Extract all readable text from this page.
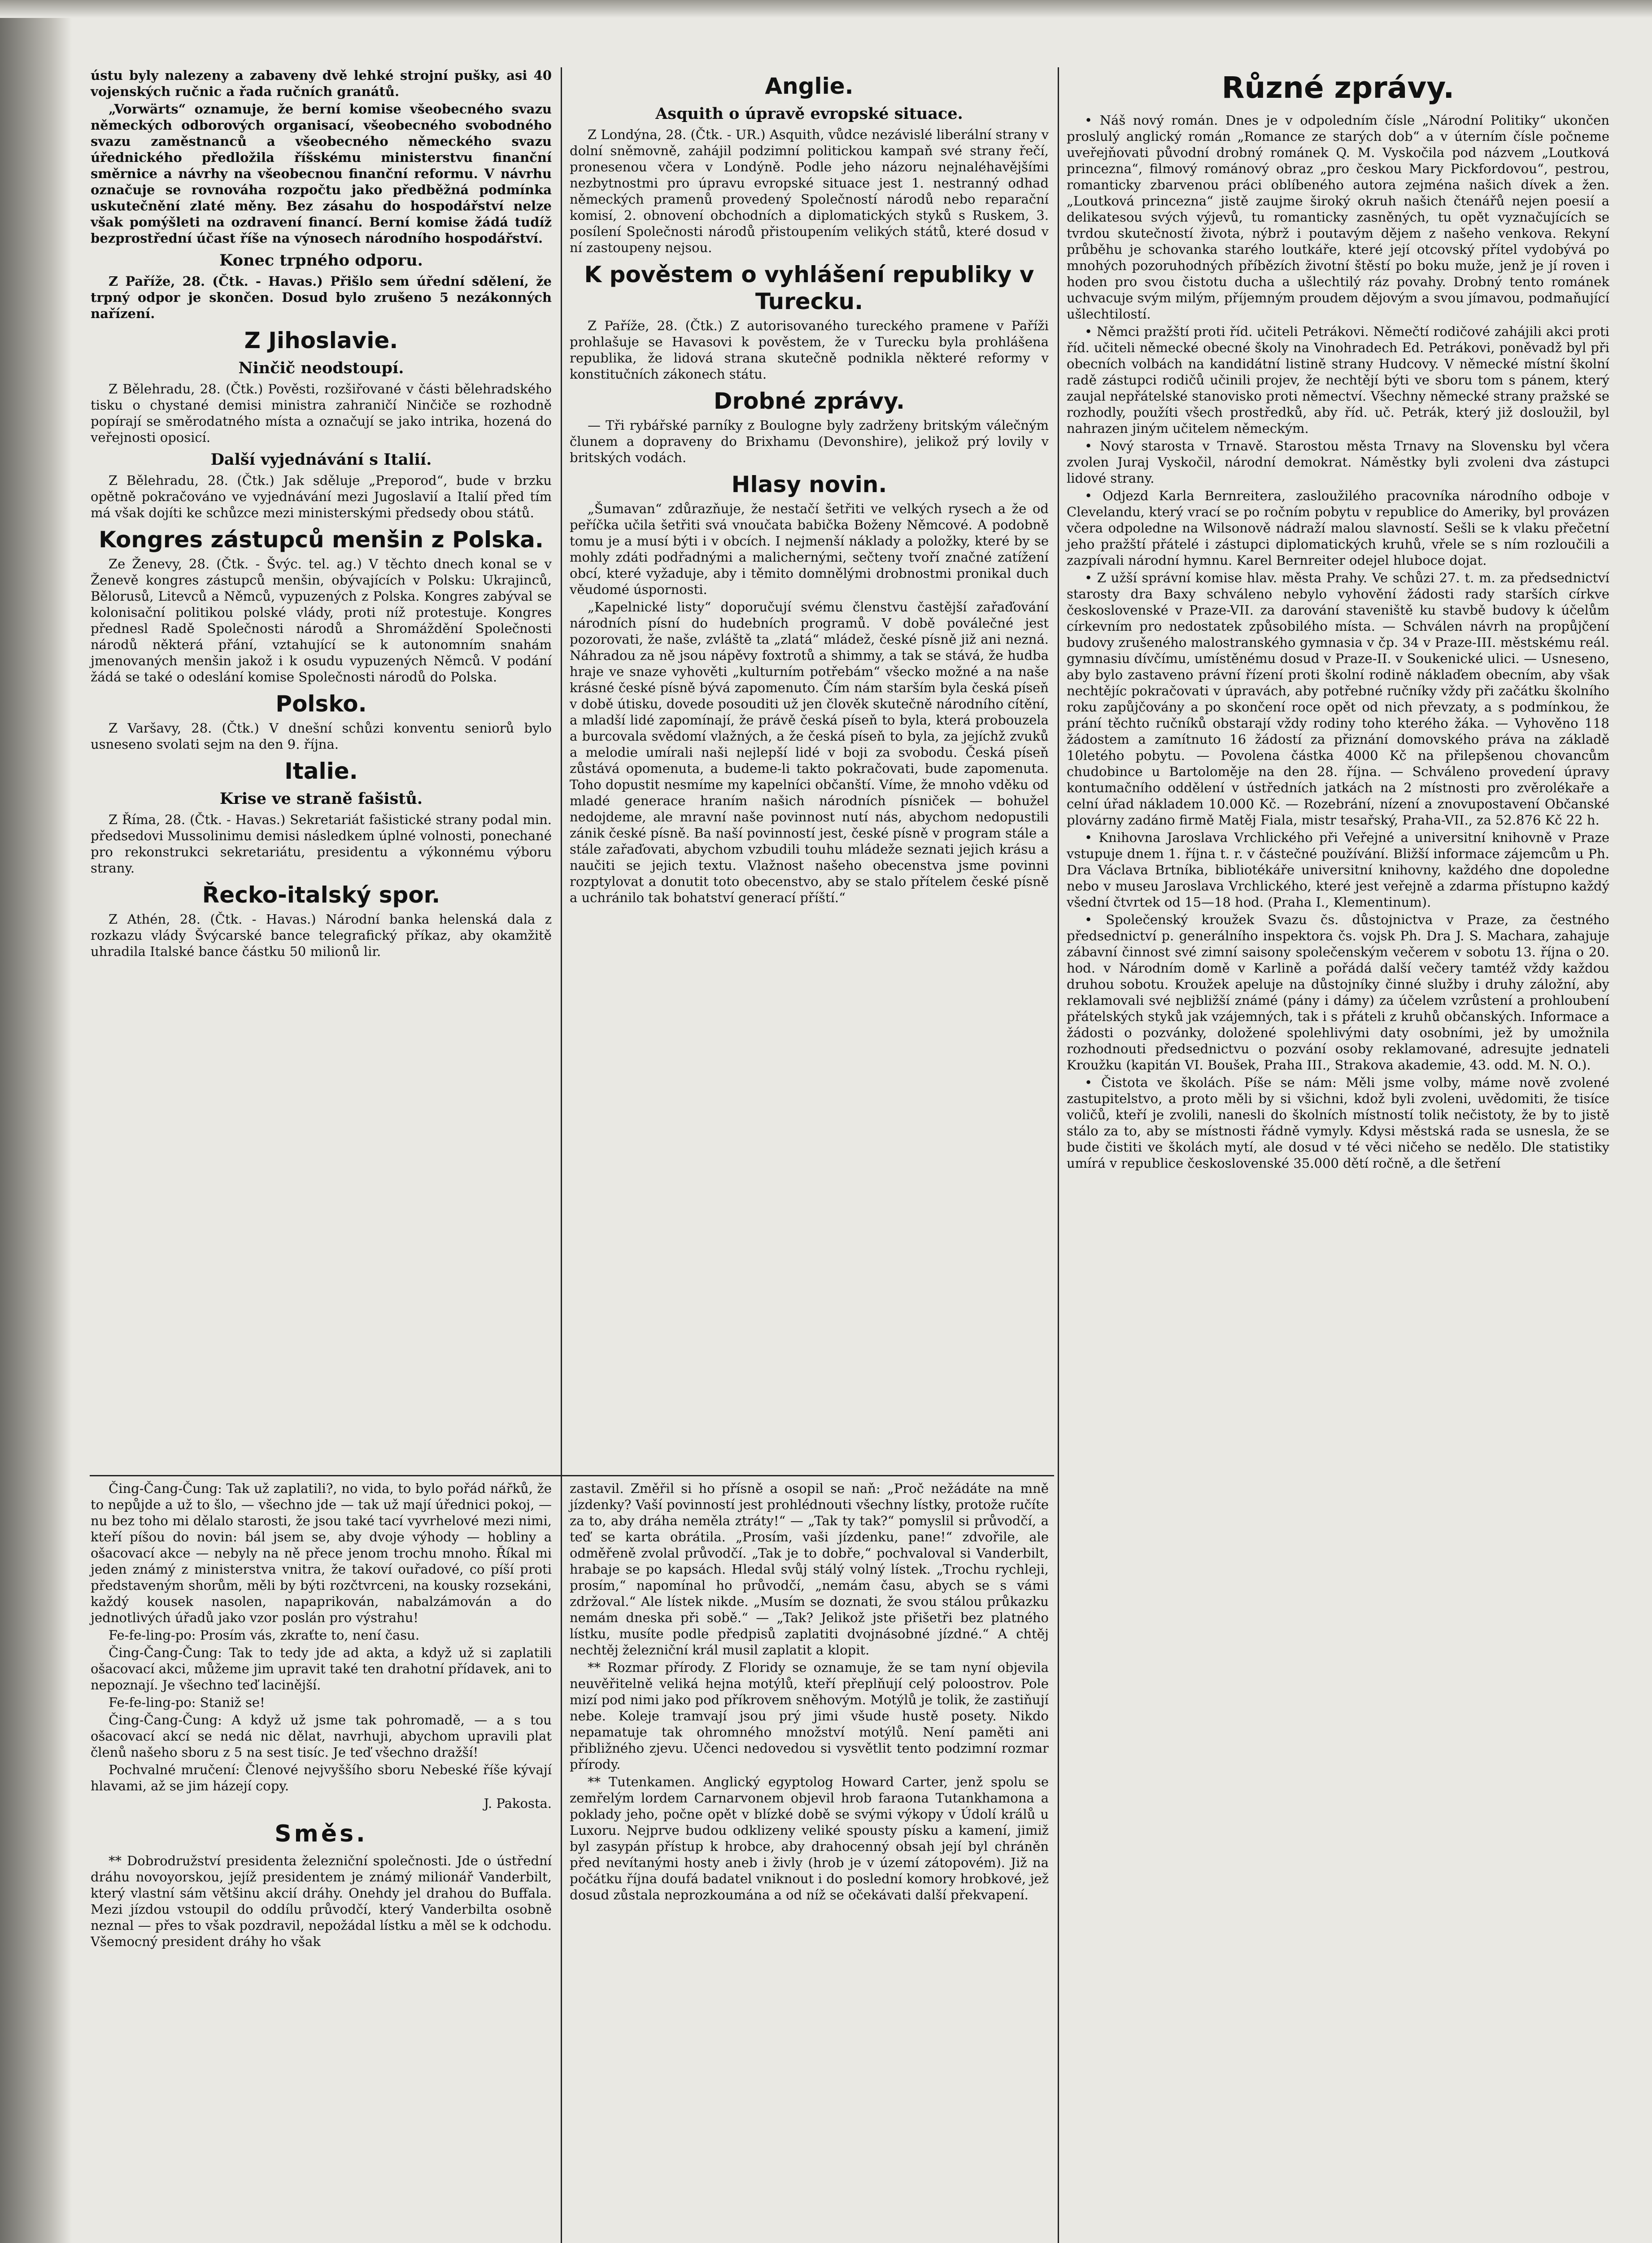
ústu byly nalezeny a zabaveny dvě lehké strojní pušky, asi 40 vojenských ručnic a řada ručních granátů.

„Vorwärts“ oznamuje, že berní komise všeobecného svazu německých odborových organisací, všeobecného svobodného svazu zaměstnanců a všeobecného německého svazu úřednického předložila říšskému ministerstvu finanční směrnice a návrhy na všeobecnou finanční reformu. V návrhu označuje se rovnováha rozpočtu jako předběžná podmínka uskutečnění zlaté měny. Bez zásahu do hospodářství nelze však pomýšleti na ozdravení financí. Berní komise žádá tudíž bezprostřední účast říše na výnosech národního hospodářství.

Konec trpného odporu.

Z Paříže, 28. (Čtk. - Havas.) Přišlo sem úřední sdělení, že trpný odpor je skončen. Dosud bylo zrušeno 5 nezákonných nařízení.

Z Jihoslavie.
Ninčič neodstoupí.

Z Bělehradu, 28. (Čtk.) Pověsti, rozšiřované v části bělehradského tisku o chystané demisi ministra zahraničí Ninčiče se rozhodně popírají se směrodatného místa a označují se jako intrika, hozená do veřejnosti oposicí.

Další vyjednávání s Italií.

Z Bělehradu, 28. (Čtk.) Jak sděluje „Preporod“, bude v brzku opětně pokračováno ve vyjednávání mezi Jugoslavií a Italií před tím má však dojíti ke schůzce mezi ministerskými předsedy obou států.

Kongres zástupců menšin z Polska.

Ze Ženevy, 28. (Čtk. - Švýc. tel. ag.) V těchto dnech konal se v Ženevě kongres zástupců menšin, obývajících v Polsku: Ukrajinců, Bělorusů, Litevců a Němců, vypuzených z Polska. Kongres zabýval se kolonisační politikou polské vlády, proti níž protestuje. Kongres přednesl Radě Společnosti národů a Shromáždění Společnosti národů některá přání, vztahující se k autonomním snahám jmenovaných menšin jakož i k osudu vypuzených Němců. V podání žádá se také o odeslání komise Společnosti národů do Polska.

Polsko.

Z Varšavy, 28. (Čtk.) V dnešní schůzi konventu seniorů bylo usneseno svolati sejm na den 9. října.

Italie.
Krise ve straně fašistů.

Z Říma, 28. (Čtk. - Havas.) Sekretariát fašistické strany podal min. předsedovi Mussolinimu demisi následkem úplné volnosti, ponechané pro rekonstrukci sekretariátu, presidentu a výkonnému výboru strany.

Řecko-italský spor.

Z Athén, 28. (Čtk. - Havas.) Národní banka helenská dala z rozkazu vlády Švýcarské bance telegrafický příkaz, aby okamžitě uhradila Italské bance částku 50 milionů lir.

Anglie.
Asquith o úpravě evropské situace.

Z Londýna, 28. (Čtk. - UR.) Asquith, vůdce nezávislé liberální strany v dolní sněmovně, zahájil podzimní politickou kampaň své strany řečí, pronesenou včera v Londýně. Podle jeho názoru nejnaléhavějšími nezbytnostmi pro úpravu evropské situace jest 1. nestranný odhad německých pramenů provedený Společností národů nebo reparační komisí, 2. obnovení obchodních a diplomatických styků s Ruskem, 3. posílení Společnosti národů přistoupením velikých států, které dosud v ní zastoupeny nejsou.

K pověstem o vyhlášení republiky v Turecku.

Z Paříže, 28. (Čtk.) Z autorisovaného tureckého pramene v Paříži prohlašuje se Havasovi k pověstem, že v Turecku byla prohlášena republika, že lidová strana skutečně podnikla některé reformy v konstitučních zákonech státu.

Drobné zprávy.

— Tři rybářské parníky z Boulogne byly zadrženy britským válečným člunem a dopraveny do Brixhamu (Devonshire), jelikož prý lovily v britských vodách.

Hlasy novin.

„Šumavan“ zdůrazňuje, že nestačí šetřiti ve velkých rysech a že od peříčka učila šetřiti svá vnoučata babička Boženy Němcové. A podobně tomu je a musí býti i v obcích. I nejmenší náklady a položky, které by se mohly zdáti podřadnými a malichernými, sečteny tvoří značné zatížení obcí, které vyžaduje, aby i těmito domnělými drobnostmi pronikal duch věudomé úspornosti.

„Kapelnické listy“ doporučují svému členstvu častější zařaďování národních písní do hudebních programů. V době poválečné jest pozorovati, že naše, zvláště ta „zlatá“ mládež, české písně již ani nezná. Náhradou za ně jsou nápěvy foxtrotů a shimmy, a tak se stává, že hudba hraje ve snaze vyhověti „kulturním potřebám“ všecko možné a na naše krásné české písně bývá zapomenuto. Čím nám starším byla česká píseň v době útisku, dovede posouditi už jen člověk skutečně národního cítění, a mladší lidé zapomínají, že právě česká píseň to byla, která probouzela a burcovala svědomí vlažných, a že česká píseň to byla, za jejíchž zvuků a melodie umírali naši nejlepší lidé v boji za svobodu. Česká píseň zůstává opomenuta, a budeme-li takto pokračovati, bude zapomenuta. Toho dopustit nesmíme my kapelníci občanští. Víme, že mnoho vděku od mladé generace hraním našich národních písniček — bohužel nedojdeme, ale mravní naše povinnost nutí nás, abychom nedopustili zánik české písně. Ba naší povinností jest, české písně v program stále a stále zařaďovati, abychom vzbudili touhu mládeže seznati jejich krásu a naučiti se jejich textu. Vlažnost našeho obecenstva jsme povinni rozptylovat a donutit toto obecenstvo, aby se stalo přítelem české písně a uchránilo tak bohatství generací příští.“

Různé zprávy.

• Náš nový román. Dnes je v odpoledním čísle „Národní Politiky“ ukončen proslulý anglický román „Romance ze starých dob“ a v úterním čísle počneme uveřejňovati původní drobný románek Q. M. Vyskočila pod názvem „Loutková princezna“, filmový románový obraz „pro českou Mary Pickfordovou“, pestrou, romanticky zbarvenou práci oblíbeného autora zejména našich dívek a žen. „Loutková princezna“ jistě zaujme široký okruh našich čtenářů nejen poesií a delikatesou svých výjevů, tu romanticky zasněných, tu opět vyznačujících se tvrdou skutečností života, nýbrž i poutavým dějem z našeho venkova. Rekyní průběhu je schovanka starého loutkáře, které její otcovský přítel vydobývá po mnohých pozoruhodných příbězích životní štěstí po boku muže, jenž je jí roven i hoden pro svou čistotu ducha a ušlechtilý ráz povahy. Drobný tento románek uchvacuje svým milým, příjemným proudem dějovým a svou jímavou, podmaňující ušlechtilostí.

• Němci pražští proti říd. učiteli Petrákovi. Němečtí rodičové zahájili akci proti říd. učiteli německé obecné školy na Vinohradech Ed. Petrákovi, poněvadž byl při obecních volbách na kandidátní listině strany Hudcovy. V německé místní školní radě zástupci rodičů učinili projev, že nechtějí býti ve sboru tom s pánem, který zaujal nepřátelské stanovisko proti němectví. Všechny německé strany pražské se rozhodly, použíti všech prostředků, aby říd. uč. Petrák, který již dosloužil, byl nahrazen jiným učitelem německým.

• Nový starosta v Trnavě. Starostou města Trnavy na Slovensku byl včera zvolen Juraj Vyskočil, národní demokrat. Náměstky byli zvoleni dva zástupci lidové strany.

• Odjezd Karla Bernreitera, zasloužilého pracovníka národního odboje v Clevelandu, který vrací se po ročním pobytu v republice do Ameriky, byl provázen včera odpoledne na Wilsonově nádraží malou slavností. Sešli se k vlaku přečetní jeho pražští přátelé i zástupci diplomatických kruhů, vřele se s ním rozloučili a zazpívali národní hymnu. Karel Bernreiter odejel hluboce dojat.

• Z užší správní komise hlav. města Prahy. Ve schůzi 27. t. m. za předsednictví starosty dra Baxy schváleno nebylo vyhovění žádosti rady starších církve československé v Praze-VII. za darování staveniště ku stavbě budovy k účelům církevním pro nedostatek způsobilého místa. — Schválen návrh na propůjčení budovy zrušeného malostranského gymnasia v čp. 34 v Praze-III. městskému reál. gymnasiu dívčímu, umístěnému dosud v Praze-II. v Soukenické ulici. — Usneseno, aby bylo zastaveno právní řízení proti školní rodině náklaďem obecním, aby však nechtějíc pokračovati v úpravách, aby potřebné ručníky vždy při začátku školního roku zapůjčovány a po skončení roce opět od nich převzaty, a s podmínkou, že prání těchto ručníků obstarají vždy rodiny toho kterého žáka. — Vyhověno 118 žádostem a zamítnuto 16 žádostí za přiznání domovského práva na základě 10letého pobytu. — Povolena částka 4000 Kč na přilepšenou chovancům chudobince u Bartoloměje na den 28. října. — Schváleno provedení úpravy kontumačního oddělení v ústředních jatkách na 2 místnosti pro zvěrolékaře a celní úřad nákladem 10.000 Kč. — Rozebrání, nízení a znovupostavení Občanské plovárny zadáno firmě Matěj Fiala, mistr tesařský, Praha-VII., za 52.876 Kč 22 h.

• Knihovna Jaroslava Vrchlického při Veřejné a universitní knihovně v Praze vstupuje dnem 1. října t. r. v částečné používání. Bližší informace zájemcům u Ph. Dra Václava Brtníka, bibliotékáře universitní knihovny, každého dne dopoledne nebo v museu Jaroslava Vrchlického, které jest veřejně a zdarma přístupno každý všední čtvrtek od 15—18 hod. (Praha I., Klementinum).

• Společenský kroužek Svazu čs. důstojnictva v Praze, za čestného předsednictví p. generálního inspektora čs. vojsk Ph. Dra J. S. Machara, zahajuje zábavní činnost své zimní saisony společenským večerem v sobotu 13. října o 20. hod. v Národním domě v Karlině a pořádá další večery tamtéž vždy každou druhou sobotu. Kroužek apeluje na důstojníky činné služby i druhy záložní, aby reklamovali své nejbližší známé (pány i dámy) za účelem vzrůstení a prohloubení přátelských styků jak vzájemných, tak i s přáteli z kruhů občanských. Informace a žádosti o pozvánky, doložené spolehlivými daty osobními, jež by umožnila rozhodnouti předsednictvu o pozvání osoby reklamované, adresujte jednateli Kroužku (kapitán VI. Boušek, Praha III., Strakova akademie, 43. odd. M. N. O.).

• Čistota ve školách. Píše se nám: Měli jsme volby, máme nově zvolené zastupitelstvo, a proto měli by si všichni, kdož byli zvoleni, uvědomiti, že tisíce voličů, kteří je zvolili, nanesli do školních místností tolik nečistoty, že by to jistě stálo za to, aby se místnosti řádně vymyly. Kdysi městská rada se usnesla, že se bude čistiti ve školách mytí, ale dosud v té věci ničeho se nedělo. Dle statistiky umírá v republice československé 35.000 dětí ročně, a dle šetření

Čing-Čang-Čung: Tak už zaplatili?, no vida, to bylo pořád nářků, že to nepůjde a už to šlo, — všechno jde — tak už mají úřednici pokoj, — nu bez toho mi dělalo starosti, že jsou také tací vyvrhelové mezi nimi, kteří píšou do novin: bál jsem se, aby dvoje výhody — hobliny a ošacovací akce — nebyly na ně přece jenom trochu mnoho. Říkal mi jeden známý z ministerstva vnitra, že takoví ouřadové, co píší proti představeným shorům, měli by býti rozčtvrceni, na kousky rozsekáni, každý kousek nasolen, napaprikován, nabalzámován a do jednotlivých úřadů jako vzor poslán pro výstrahu!

Fe-fe-ling-po: Prosím vás, zkraťte to, není času.

Čing-Čang-Čung: Tak to tedy jde ad akta, a když už si zaplatili ošacovací akci, můžeme jim upravit také ten drahotní přídavek, ani to nepoznají. Je všechno teď lacinější.

Fe-fe-ling-po: Staniž se!

Čing-Čang-Čung: A když už jsme tak pohromadě, — a s tou ošacovací akcí se nedá nic dělat, navrhuji, abychom upravili plat členů našeho sboru z 5 na sest tisíc. Je teď všechno dražší!

Pochvalné mručení: Členové nejvyššího sboru Nebeské říše kývají hlavami, až se jim házejí copy.

J. Pakosta.

Směs.

** Dobrodružství presidenta železniční společnosti. Jde o ústřední dráhu novoyorskou, jejíž presidentem je známý milionář Vanderbilt, který vlastní sám většinu akcií dráhy. Onehdy jel drahou do Buffala. Mezi jízdou vstoupil do oddílu průvodčí, který Vanderbilta osobně neznal — přes to však pozdravil, nepožádal lístku a měl se k odchodu. Všemocný president dráhy ho však

zastavil. Změřil si ho přísně a osopil se naň: „Proč nežádáte na mně jízdenky? Vaší povinností jest prohlédnouti všechny lístky, protože ručíte za to, aby dráha neměla ztráty!“ — „Tak ty tak?“ pomyslil si průvodčí, a teď se karta obrátila. „Prosím, vaši jízdenku, pane!“ zdvořile, ale odměřeně zvolal průvodčí. „Tak je to dobře,“ pochvaloval si Vanderbilt, hrabaje se po kapsách. Hledal svůj stálý volný lístek. „Trochu rychleji, prosím,“ napomínal ho průvodčí, „nemám času, abych se s vámi zdržoval.“ Ale lístek nikde. „Musím se doznati, že svou stálou průkazku nemám dneska při sobě.“ — „Tak? Jelikož jste přišetři bez platného lístku, musíte podle předpisů zaplatiti dvojnásobné jízdné.“ A chtěj nechtěj železniční král musil zaplatit a klopit.

** Rozmar přírody. Z Floridy se oznamuje, že se tam nyní objevila neuvěřitelně veliká hejna motýlů, kteří přeplňují celý poloostrov. Pole mizí pod nimi jako pod příkrovem sněhovým. Motýlů je tolik, že zastiňují nebe. Koleje tramvají jsou prý jimi všude hustě posety. Nikdo nepamatuje tak ohromného množství motýlů. Není paměti ani přibližného zjevu. Učenci nedovedou si vysvětlit tento podzimní rozmar přírody.

** Tutenkamen. Anglický egyptolog Howard Carter, jenž spolu se zemřelým lordem Carnarvonem objevil hrob faraona Tutankhamona a poklady jeho, počne opět v blízké době se svými výkopy v Údolí králů u Luxoru. Nejprve budou odklizeny veliké spousty písku a kamení, jimiž byl zasypán přístup k hrobce, aby drahocenný obsah její byl chráněn před nevítanými hosty aneb i živly (hrob je v území zátopovém). Již na počátku října doufá badatel vniknout i do poslední komory hrobkové, jež dosud zůstala neprozkoumána a od níž se očekávati další překvapení.
